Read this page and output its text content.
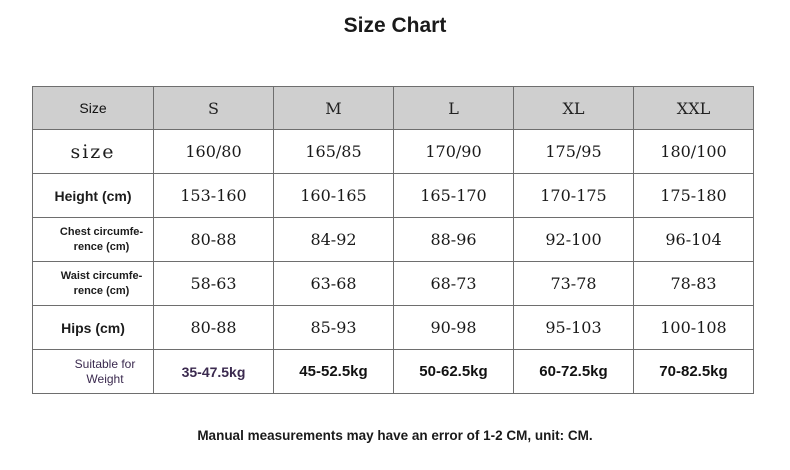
Size Chart
Size	S	M	L	XL	XXL
size	160/80	165/85	170/90	175/95	180/100
Height (cm)	153-160	160-165	165-170	170-175	175-180
Chest circumfe-
rence (cm)	80-88	84-92	88-96	92-100	96-104
Waist circumfe-
rence (cm)	58-63	63-68	68-73	73-78	78-83
Hips (cm)	80-88	85-93	90-98	95-103	100-108
Suitable for
Weight	35-47.5kg	45-52.5kg	50-62.5kg	60-72.5kg	70-82.5kg
Manual measurements may have an error of 1-2 CM, unit: CM.
